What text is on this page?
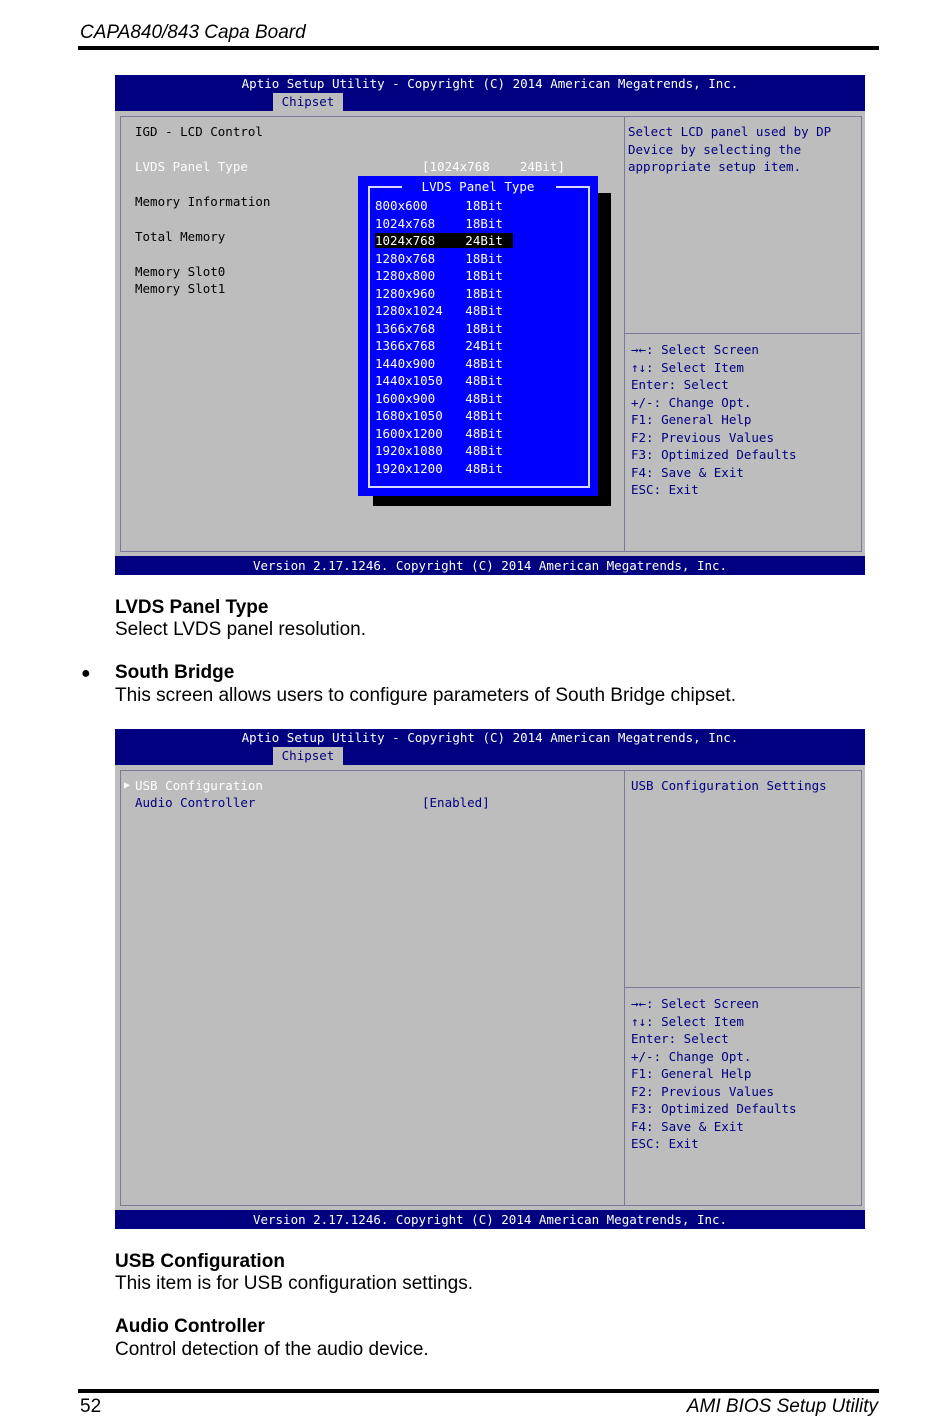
CAPA840/843 Capa Board
Aptio Setup Utility - Copyright (C) 2014 American Megatrends, Inc.
Chipset
IGD - LCD Control
LVDS Panel Type	[1024x768    24Bit]
Memory Information
Total Memory
Memory Slot0
Memory Slot1
Select LCD panel used by DP
Device by selecting the
appropriate setup item.
→←: Select Screen
↑↓: Select Item
Enter: Select
+/-: Change Opt.
F1: General Help
F2: Previous Values
F3: Optimized Defaults
F4: Save & Exit
ESC: Exit
LVDS Panel Type
800x600     18Bit
1024x768    18Bit
1024x768    24Bit
1280x768    18Bit
1280x800    18Bit
1280x960    18Bit
1280x1024   48Bit
1366x768    18Bit
1366x768    24Bit
1440x900    48Bit
1440x1050   48Bit
1600x900    48Bit
1680x1050   48Bit
1600x1200   48Bit
1920x1080   48Bit
1920x1200   48Bit
Version 2.17.1246. Copyright (C) 2014 American Megatrends, Inc.
LVDS Panel Type
Select LVDS panel resolution.
● South Bridge
This screen allows users to configure parameters of South Bridge chipset.
Aptio Setup Utility - Copyright (C) 2014 American Megatrends, Inc.
Chipset
▶ USB Configuration
Audio Controller	[Enabled]
USB Configuration Settings
→←: Select Screen
↑↓: Select Item
Enter: Select
+/-: Change Opt.
F1: General Help
F2: Previous Values
F3: Optimized Defaults
F4: Save & Exit
ESC: Exit
Version 2.17.1246. Copyright (C) 2014 American Megatrends, Inc.
USB Configuration
This item is for USB configuration settings.
Audio Controller
Control detection of the audio device.
52	AMI BIOS Setup Utility
